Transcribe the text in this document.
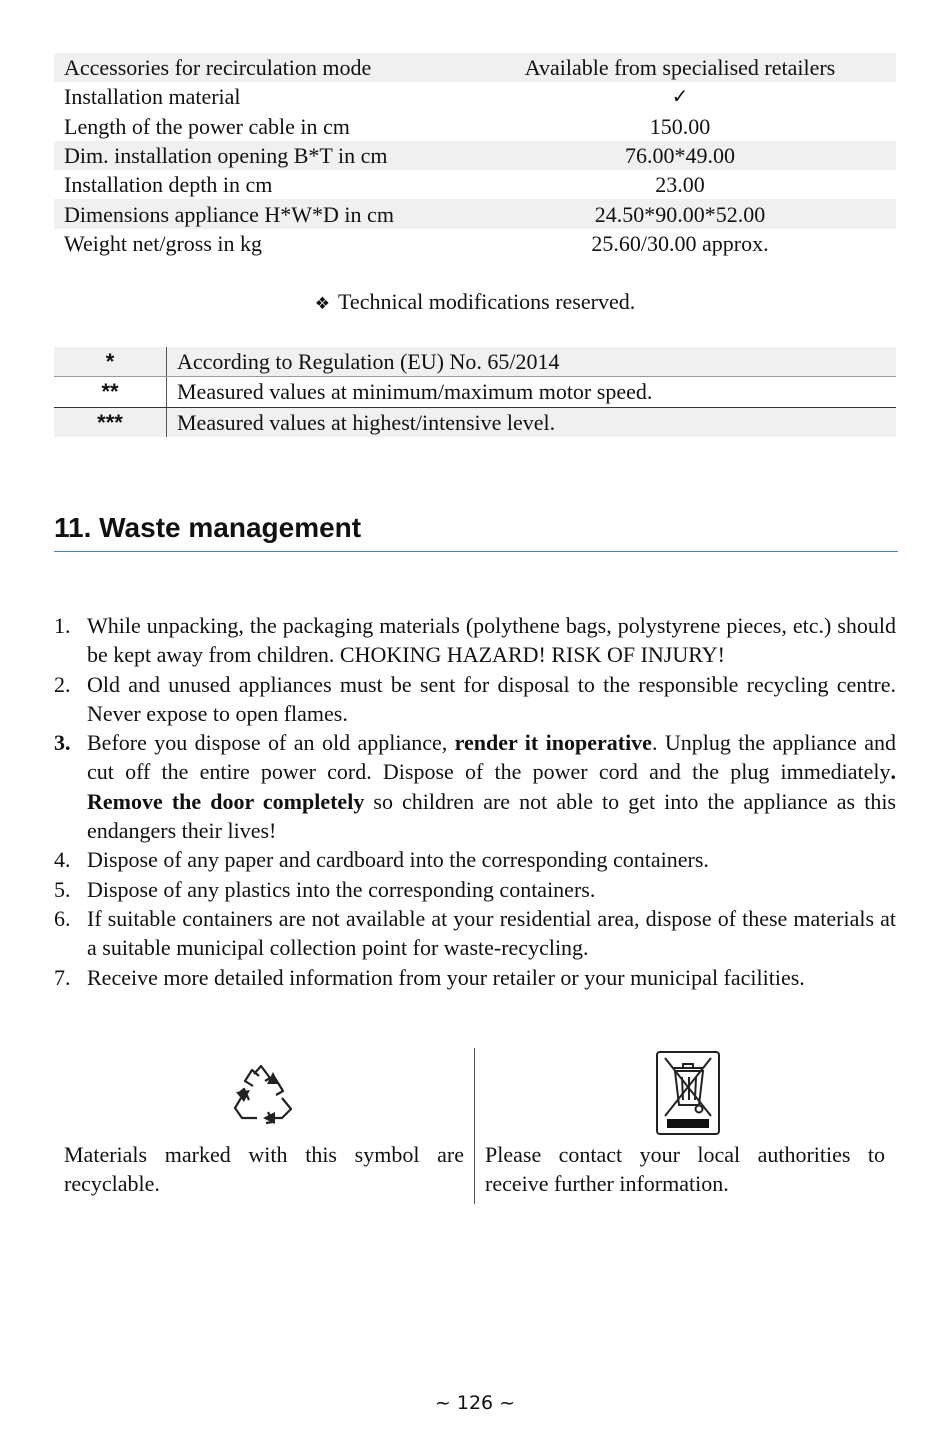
Accessories for recirculation mode	Available from specialised retailers
Installation material	✓
Length of the power cable in cm	150.00
Dim. installation opening B*T in cm	76.00*49.00
Installation depth in cm	23.00
Dimensions appliance H*W*D in cm	24.50*90.00*52.00
Weight net/gross in kg	25.60/30.00 approx.
❖ Technical modifications reserved.
*	According to Regulation (EU) No. 65/2014
**	Measured values at minimum/maximum motor speed.
***	Measured values at highest/intensive level.
11. Waste management
1. While unpacking, the packaging materials (polythene bags, polystyrene pieces, etc.) should be kept away from children. CHOKING HAZARD! RISK OF INJURY!
2. Old and unused appliances must be sent for disposal to the responsible recycling centre. Never expose to open flames.
3. Before you dispose of an old appliance, render it inoperative. Unplug the appliance and cut off the entire power cord. Dispose of the power cord and the plug immediately. Remove the door completely so children are not able to get into the appliance as this endangers their lives!
4. Dispose of any paper and cardboard into the corresponding containers.
5. Dispose of any plastics into the corresponding containers.
6. If suitable containers are not available at your residential area, dispose of these materials at a suitable municipal collection point for waste-recycling.
7. Receive more detailed information from your retailer or your municipal facilities.
Materials marked with this symbol are recyclable.
Please contact your local authorities to receive further information.
~ 126 ~
